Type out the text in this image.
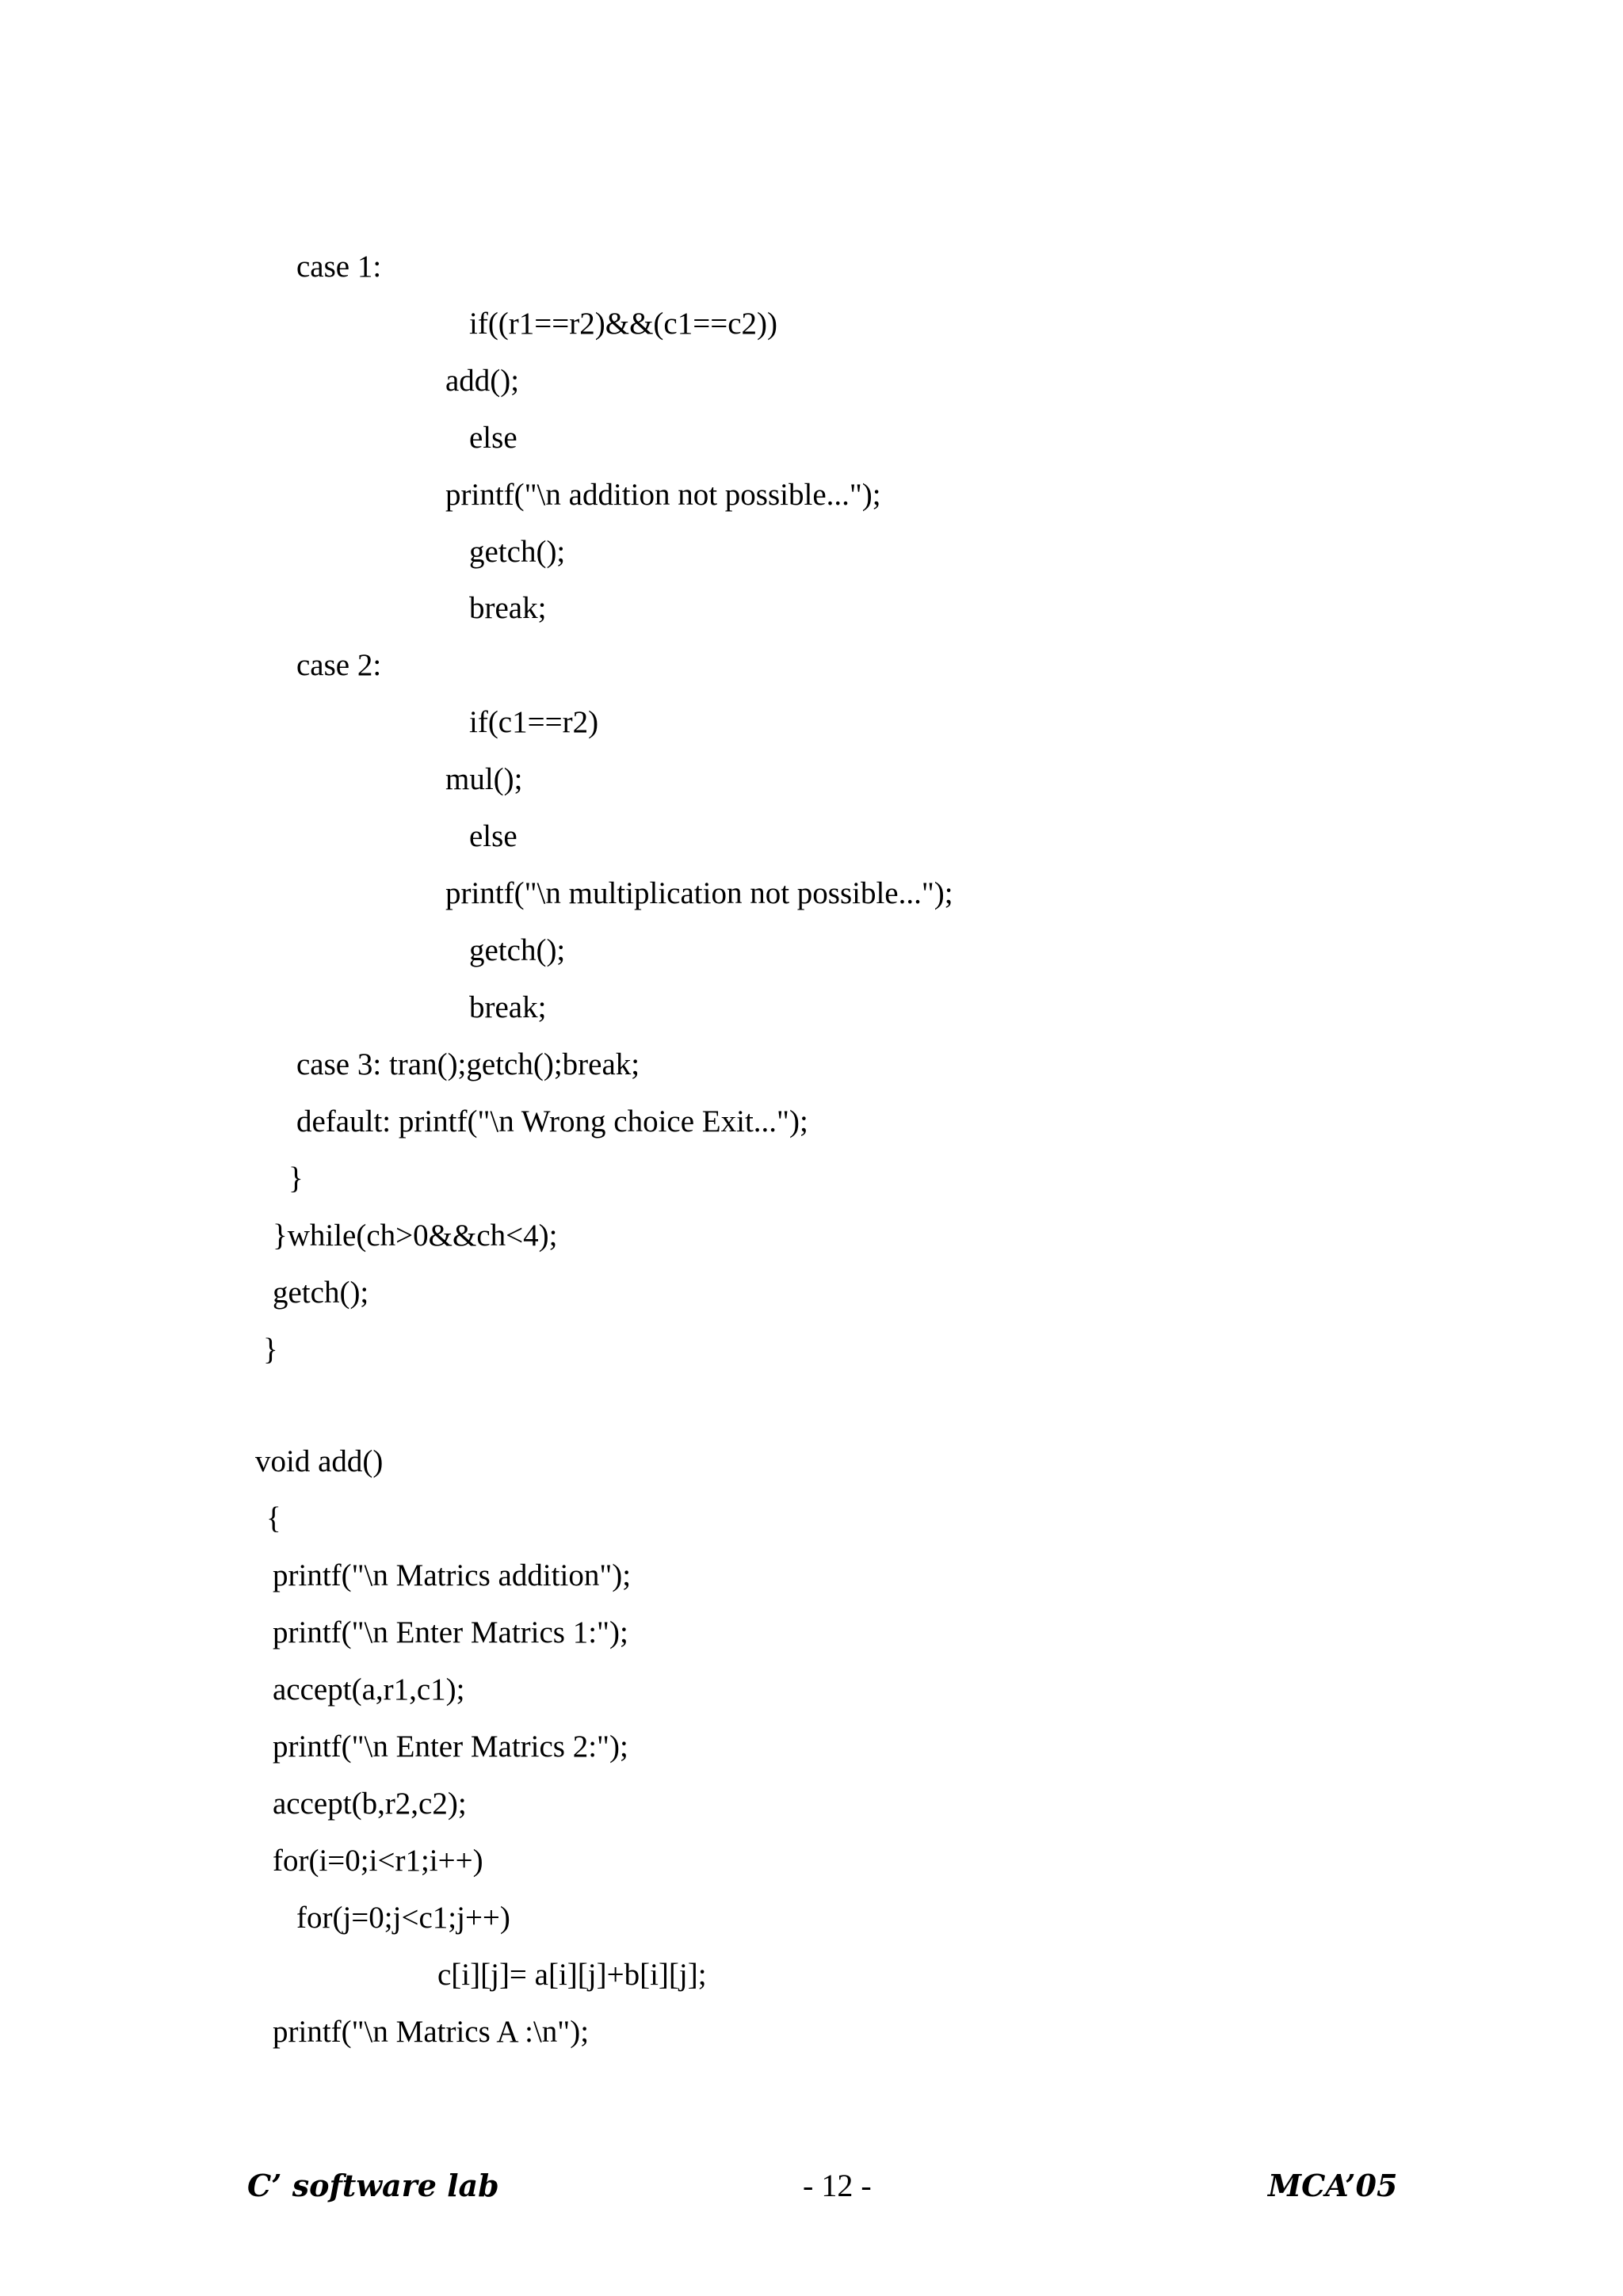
case 1:

if((r1==r2)&&(c1==c2))

add();

else

printf("\n addition not possible...");

getch();

break;

case 2:

if(c1==r2)

mul();

else

printf("\n multiplication not possible...");

getch();

break;

case 3: tran();getch();break;

default: printf("\n Wrong choice Exit...");

}

}while(ch>0&&ch<4);

getch();

}

void add()

{

printf("\n Matrics addition");

printf("\n Enter Matrics 1:");

accept(a,r1,c1);

printf("\n Enter Matrics 2:");

accept(b,r2,c2);

for(i=0;i<r1;i++)

for(j=0;j<c1;j++)

c[i][j]= a[i][j]+b[i][j];

printf("\n Matrics A :\n");

C’ software lab	- 12 -	MCA’05
